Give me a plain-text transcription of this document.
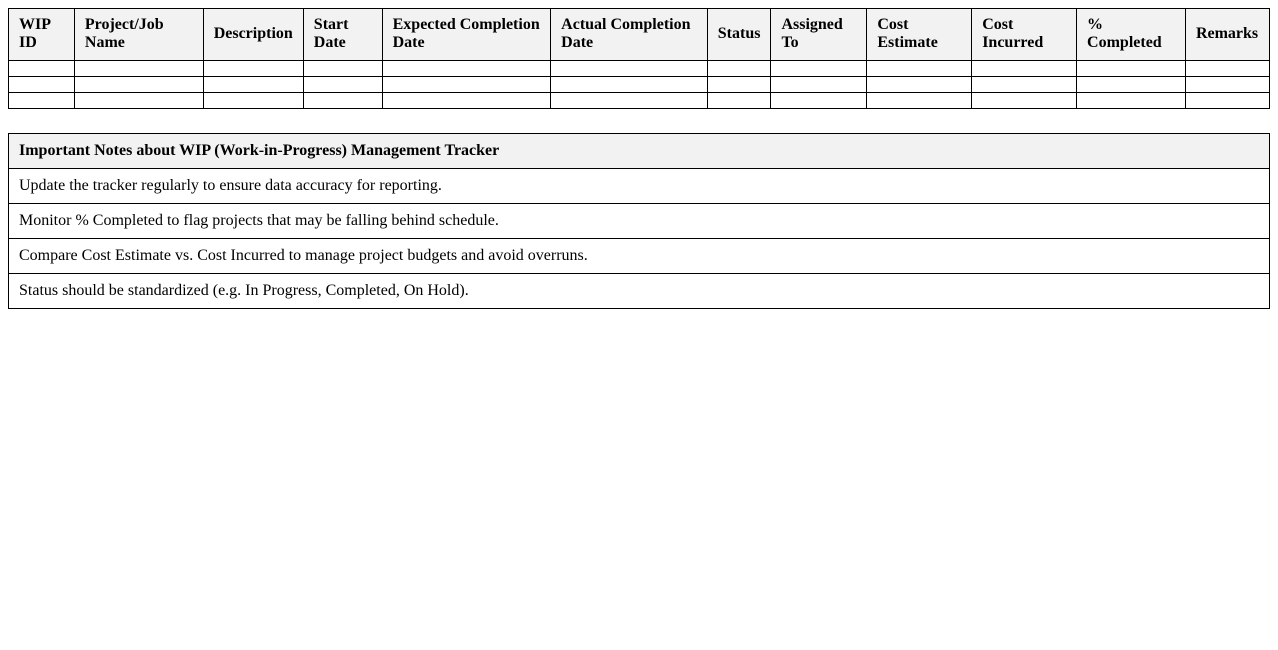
WIP ID	Project/Job Name	Description	Start Date	Expected Completion Date	Actual Completion Date	Status	Assigned To	Cost Estimate	Cost Incurred	% Completed	Remarks

Important Notes about WIP (Work-in-Progress) Management Tracker
Update the tracker regularly to ensure data accuracy for reporting.
Monitor % Completed to flag projects that may be falling behind schedule.
Compare Cost Estimate vs. Cost Incurred to manage project budgets and avoid overruns.
Status should be standardized (e.g. In Progress, Completed, On Hold).
